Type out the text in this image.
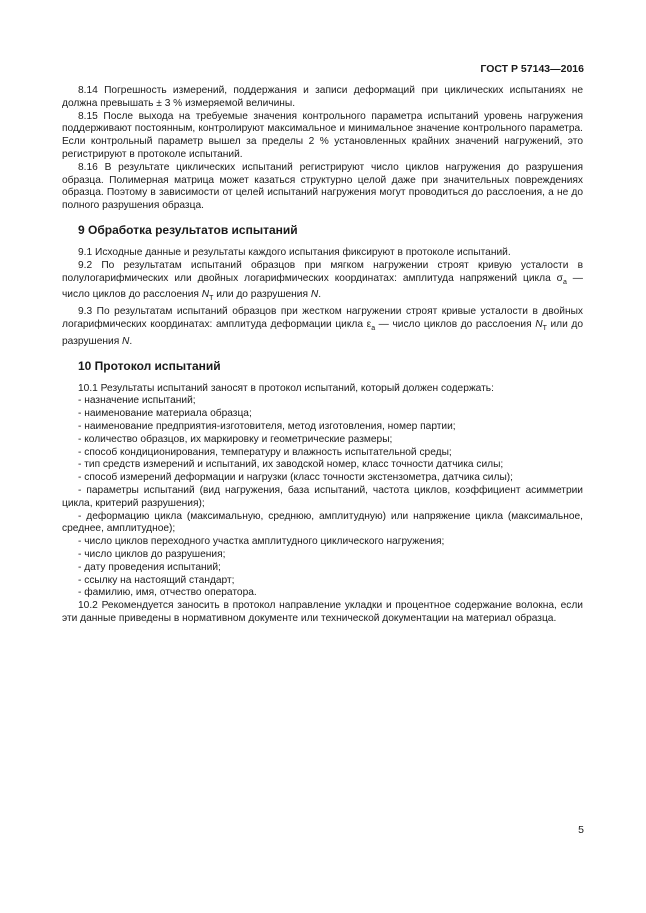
ГОСТ Р 57143—2016

8.14 Погрешность измерений, поддержания и записи деформаций при циклических испытаниях не должна превышать ± 3 % измеряемой величины.

8.15 После выхода на требуемые значения контрольного параметра испытаний уровень нагружения поддерживают постоянным, контролируют максимальное и минимальное значение контрольного параметра. Если контрольный параметр вышел за пределы 2 % установленных крайних значений нагружений, это регистрируют в протоколе испытаний.

8.16 В результате циклических испытаний регистрируют число циклов нагружения до разрушения образца. Полимерная матрица может казаться структурно целой даже при значительных повреждениях образца. Поэтому в зависимости от целей испытаний нагружения могут проводиться до расслоения, а не до полного разрушения образца.

9 Обработка результатов испытаний

9.1 Исходные данные и результаты каждого испытания фиксируют в протоколе испытаний.

9.2 По результатам испытаний образцов при мягком нагружении строят кривую усталости в полулогарифмических или двойных логарифмических координатах: амплитуда напряжений цикла $\sigma_a$ — число циклов до расслоения $N_T$ или до разрушения N.

9.3 По результатам испытаний образцов при жестком нагружении строят кривые усталости в двойных логарифмических координатах: амплитуда деформации цикла $\varepsilon_a$ — число циклов до расслоения $N_T$ или до разрушения N.

10 Протокол испытаний

10.1 Результаты испытаний заносят в протокол испытаний, который должен содержать:

- назначение испытаний;
- наименование материала образца;
- наименование предприятия-изготовителя, метод изготовления, номер партии;
- количество образцов, их маркировку и геометрические размеры;
- способ кондиционирования, температуру и влажность испытательной среды;
- тип средств измерений и испытаний, их заводской номер, класс точности датчика силы;
- способ измерений деформации и нагрузки (класс точности экстензометра, датчика силы);
- параметры испытаний (вид нагружения, база испытаний, частота циклов, коэффициент асимметрии цикла, критерий разрушения);
- деформацию цикла (максимальную, среднюю, амплитудную) или напряжение цикла (максимальное, среднее, амплитудное);
- число циклов переходного участка амплитудного циклического нагружения;
- число циклов до разрушения;
- дату проведения испытаний;
- ссылку на настоящий стандарт;
- фамилию, имя, отчество оператора.

10.2 Рекомендуется заносить в протокол направление укладки и процентное содержание волокна, если эти данные приведены в нормативном документе или технической документации на материал образца.

5
